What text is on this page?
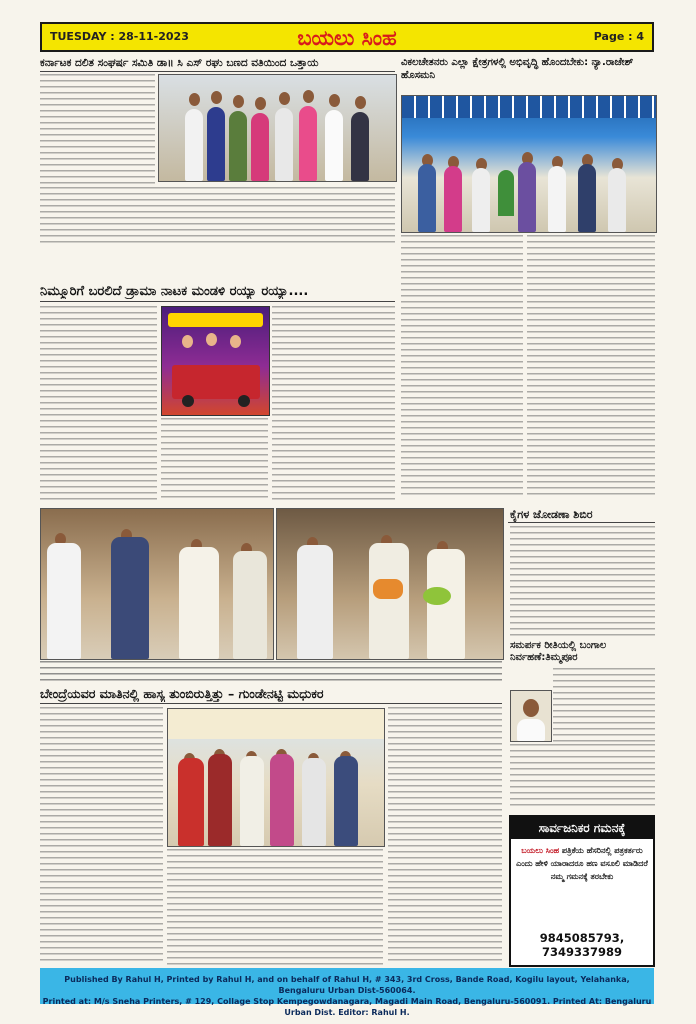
TUESDAY : 28-11-2023	ಬಯಲು ಸಿಂಹ	Page : 4
ಕರ್ನಾಟಕ ದಲಿತ ಸಂಘರ್ಷ ಸಮಿತಿ ಡಾ॥ ಸಿ ಎಸ್ ರಘು ಬಣದ ವತಿಯಿಂದ ಒತ್ತಾಯ	ವಿಕಲಚೇತನರು ಎಲ್ಲಾ ಕ್ಷೇತ್ರಗಳಲ್ಲಿ ಅಭಿವೃದ್ಧಿ ಹೊಂದಬೇಕು: ನ್ಯಾ.ರಾಜೇಶ್ ಹೊಸಮನಿ
ನಿಮ್ಮೂರಿಗೆ ಬರಲಿದೆ ಡ್ರಾಮಾ ನಾಟಕ ಮಂಡಳಿ ರಯ್ಯಾ ರಯ್ಯಾ....
ಕೈಗಳ ಜೋಡಣಾ ಶಿಬಿರ
ಸಮರ್ಪಕ ರೀತಿಯಲ್ಲಿ ಬಂಗಾಲ ನಿರ್ವಹಣೆ:ತಿಮ್ಮಪೂರ
ಬೇಂದ್ರೆಯವರ ಮಾತಿನಲ್ಲಿ ಹಾಸ್ಯ ತುಂಬಿರುತ್ತಿತ್ತು – ಗುಂಡೇನಟ್ಟಿ ಮಧುಕರ
ಸಾರ್ವಜನಿಕರ ಗಮನಕ್ಕೆ
ಬಯಲು ಸಿಂಹ ಪತ್ರಿಕೆಯ ಹೆಸರಿನಲ್ಲಿ ಪತ್ರಕರ್ತರು ಎಂದು ಹೇಳಿ ಯಾರಾದರೂ ಹಣ ವಸೂಲಿ ಮಾಡಿದರೆ ನಮ್ಮ ಗಮನಕ್ಕೆ ತರಬೇಕು
9845085793, 7349337989
Published By Rahul H, Printed by Rahul H, and on behalf of Rahul H, # 343, 3rd Cross, Bande Road, Kogilu layout, Yelahanka, Bengaluru Urban Dist-560064.
Printed at: M/s Sneha Printers, # 129, Collage Stop Kempegowdanagara, Magadi Main Road, Bengaluru-560091. Printed At: Bengaluru Urban Dist. Editor: Rahul H.
